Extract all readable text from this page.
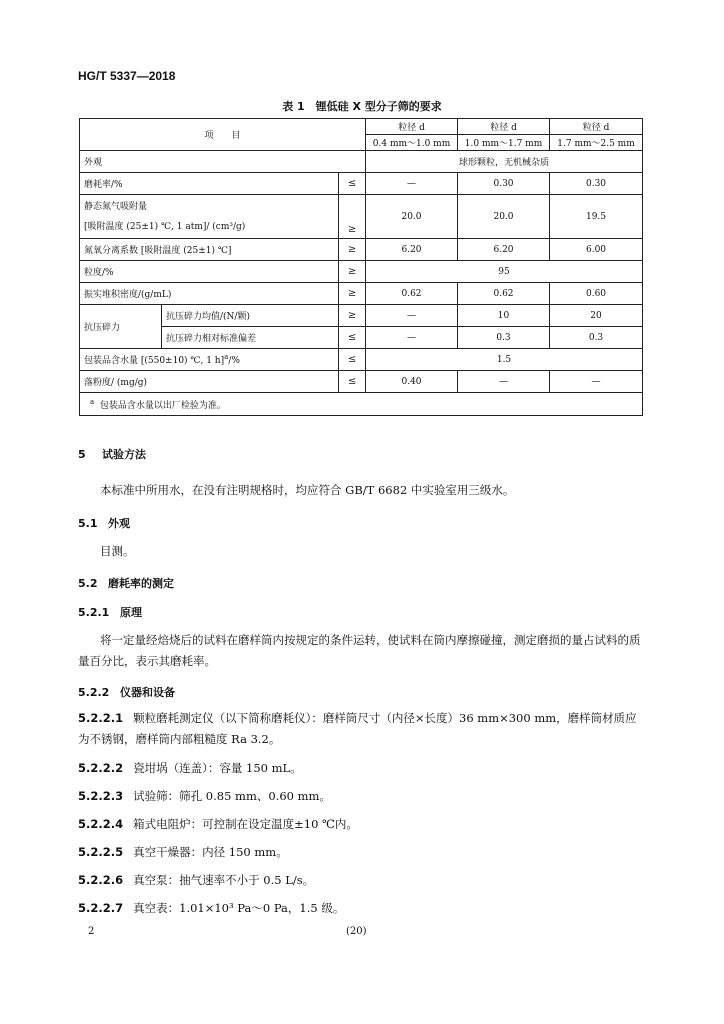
HG/T 5337—2018
表 1　锂低硅 X 型分子筛的要求
项　　目			粒径 d	粒径 d	粒径 d
			0.4 mm～1.0 mm	1.0 mm～1.7 mm	1.7 mm～2.5 mm
外观			球形颗粒，无机械杂质		
磨耗率/%		≤	—	0.30	0.30

静态氮气吸附量
[吸附温度 (25±1) ℃, 1 atm]/ (cm³/g)		≥	20.0	20.0	19.5
氮氧分离系数 [吸附温度 (25±1) ℃]		≥	6.20	6.20	6.00
粒度/%		≥	95		
振实堆积密度/(g/mL)		≥	0.62	0.62	0.60
抗压碎力	抗压碎力均值/(N/颗)	≥	—	10	20
	抗压碎力相对标准偏差	≤	—	0.3	0.3
包装品含水量 [(550±10) ℃, 1 h]$^a$/%		≤	1.5		
落粉度/ (mg/g)		≤	0.40	—	—
$^a$ 包装品含水量以出厂检验为准。					
5 试验方法
本标准中所用水，在没有注明规格时，均应符合 GB/T 6682 中实验室用三级水。
5.1 外观
目测。
5.2 磨耗率的测定
5.2.1 原理
将一定量经焙烧后的试料在磨样筒内按规定的条件运转，使试料在筒内摩擦碰撞，测定磨损的量占试料的质量百分比，表示其磨耗率。
5.2.2 仪器和设备
5.2.2.1 颗粒磨耗测定仪（以下简称磨耗仪）：磨样筒尺寸（内径×长度）36 mm×300 mm，磨样筒材质应为不锈钢，磨样筒内部粗糙度 Ra 3.2。
5.2.2.2 瓷坩埚（连盖）：容量 150 mL。
5.2.2.3 试验筛：筛孔 0.85 mm、0.60 mm。
5.2.2.4 箱式电阻炉：可控制在设定温度±10 ℃内。
5.2.2.5 真空干燥器：内径 150 mm。
5.2.2.6 真空泵：抽气速率不小于 0.5 L/s。
5.2.2.7 真空表：1.01×10³ Pa～0 Pa，1.5 级。
2	(20)
